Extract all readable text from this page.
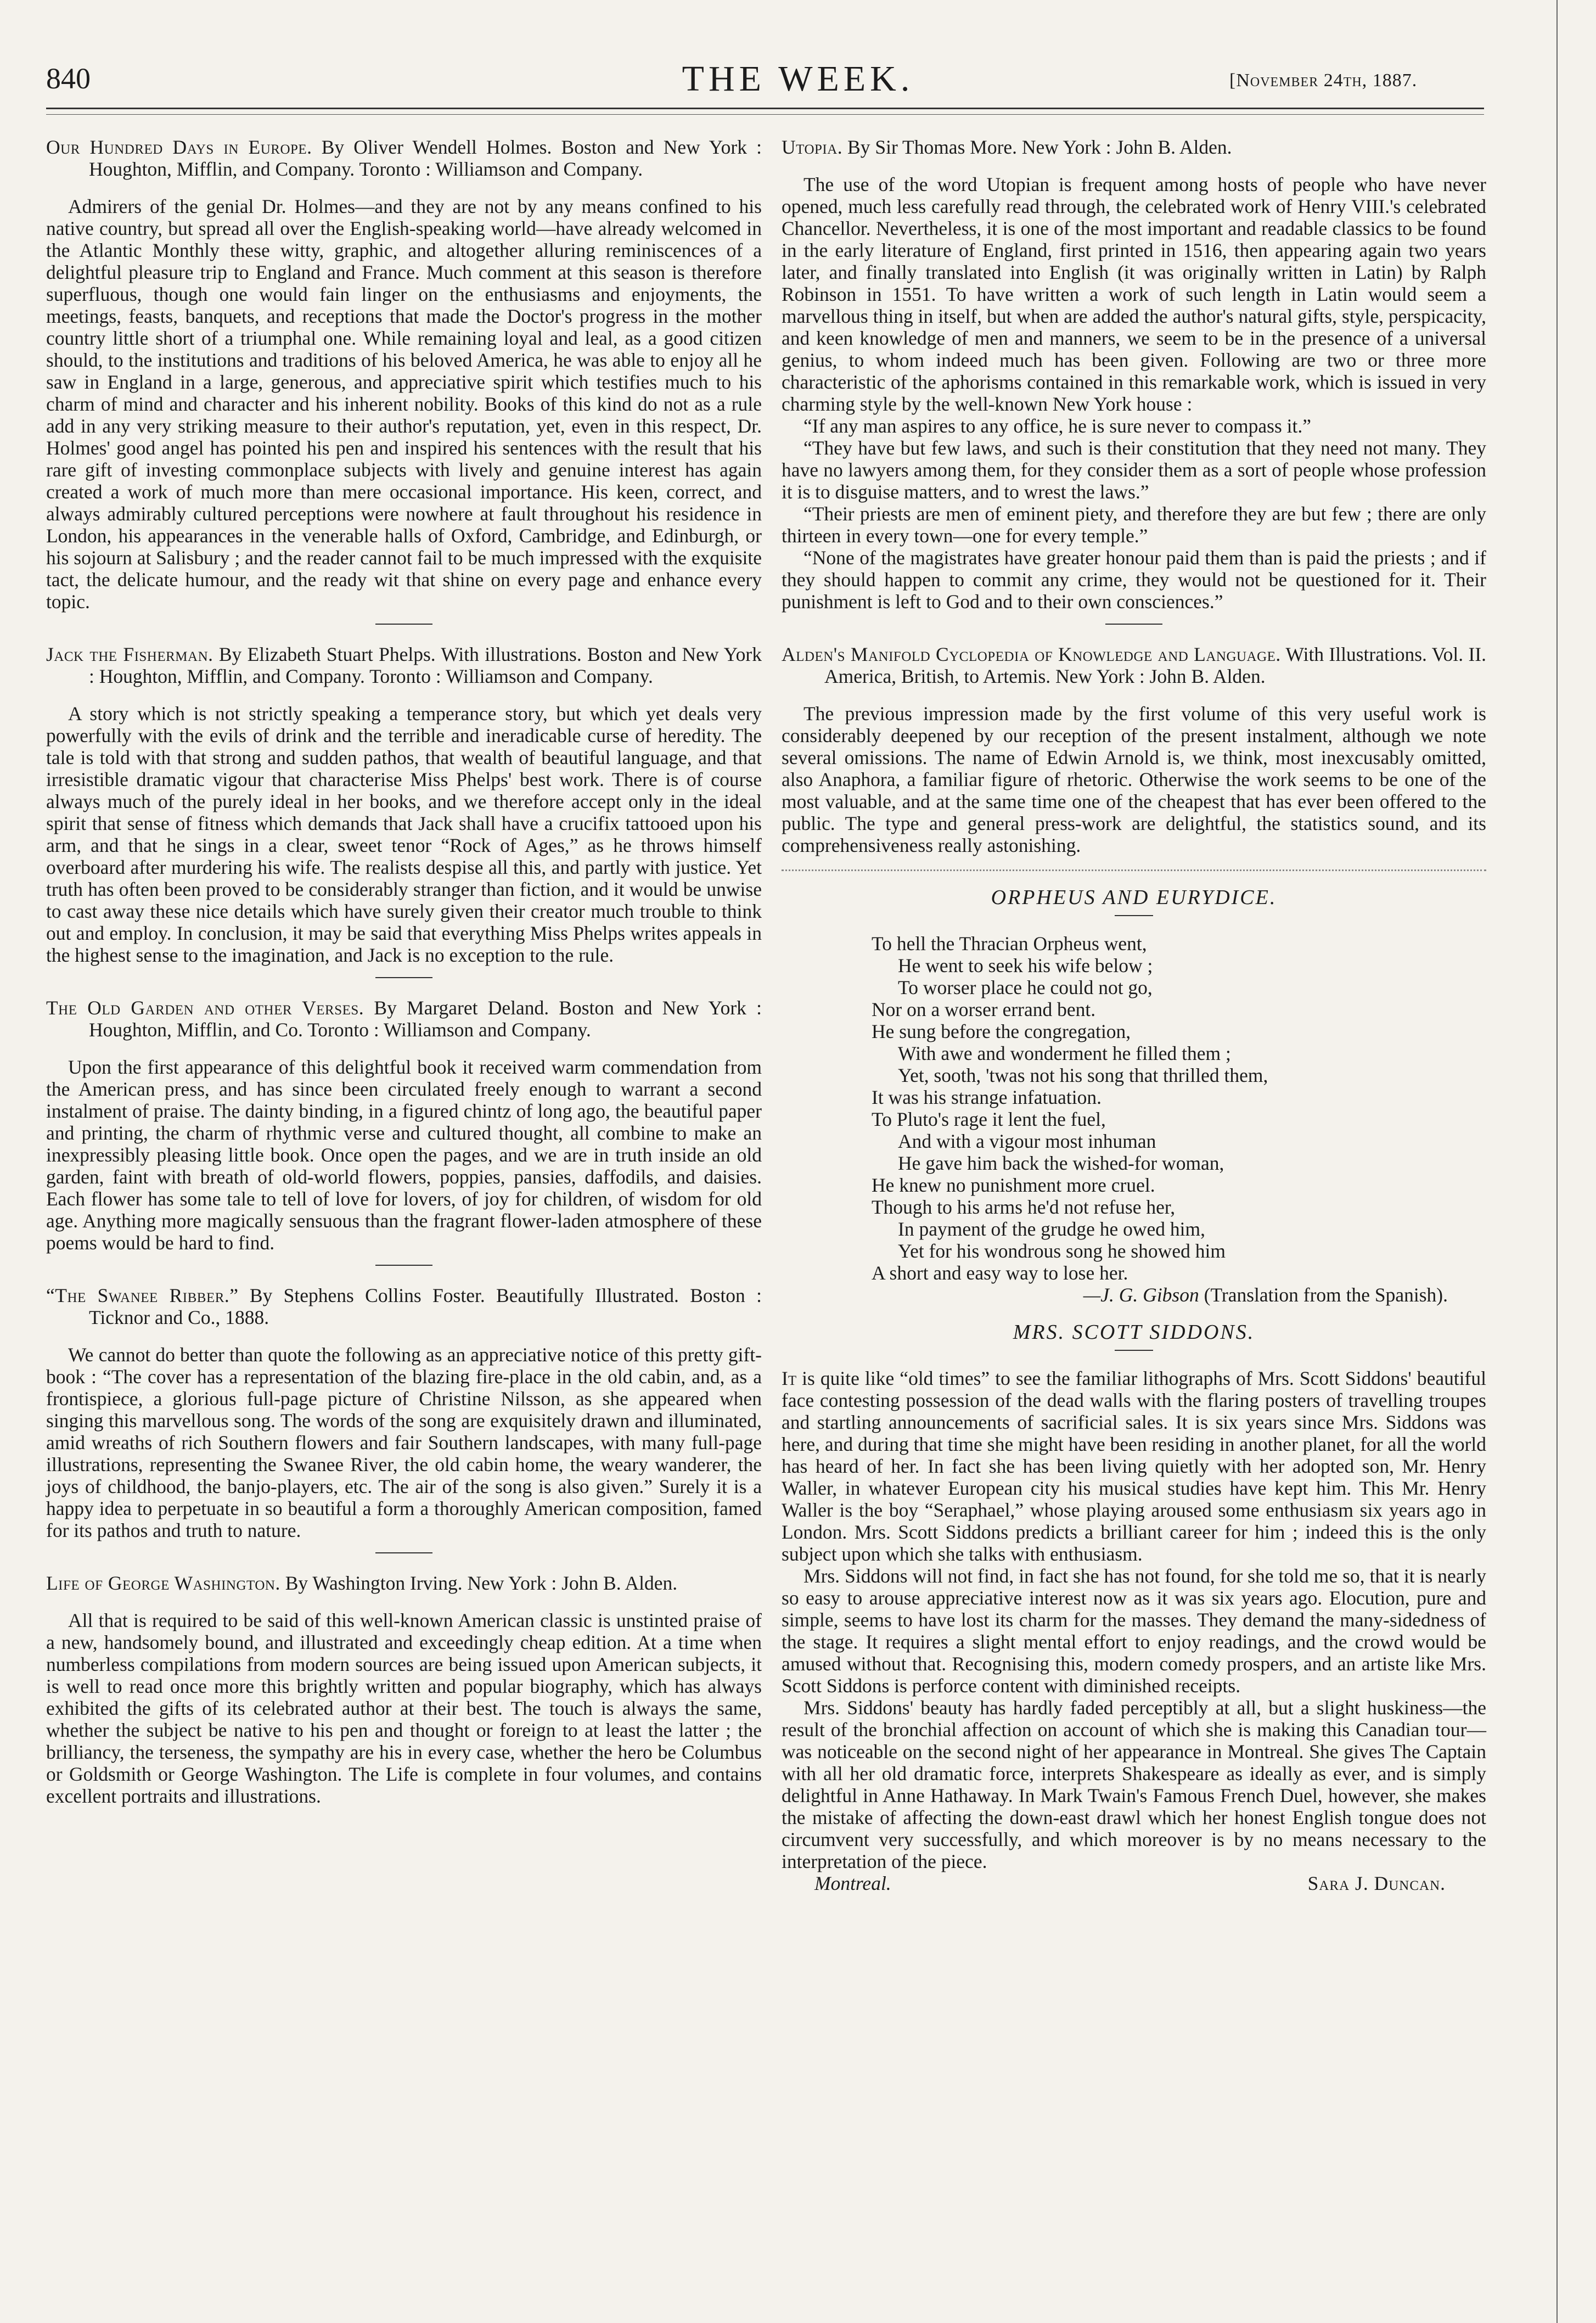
840	THE WEEK.	[November 24th, 1887.

Our Hundred Days in Europe. By Oliver Wendell Holmes. Boston and New York : Houghton, Mifflin, and Company. Toronto : Williamson and Company.

Admirers of the genial Dr. Holmes—and they are not by any means confined to his native country, but spread all over the English-speaking world—have already welcomed in the Atlantic Monthly these witty, graphic, and altogether alluring reminiscences of a delightful pleasure trip to England and France. Much comment at this season is therefore superfluous, though one would fain linger on the enthusiasms and enjoyments, the meetings, feasts, banquets, and receptions that made the Doctor's progress in the mother country little short of a triumphal one. While remaining loyal and leal, as a good citizen should, to the institutions and traditions of his beloved America, he was able to enjoy all he saw in England in a large, generous, and appreciative spirit which testifies much to his charm of mind and character and his inherent nobility. Books of this kind do not as a rule add in any very striking measure to their author's reputation, yet, even in this respect, Dr. Holmes' good angel has pointed his pen and inspired his sentences with the result that his rare gift of investing commonplace subjects with lively and genuine interest has again created a work of much more than mere occasional importance. His keen, correct, and always admirably cultured perceptions were nowhere at fault throughout his residence in London, his appearances in the venerable halls of Oxford, Cambridge, and Edinburgh, or his sojourn at Salisbury ; and the reader cannot fail to be much impressed with the exquisite tact, the delicate humour, and the ready wit that shine on every page and enhance every topic.

Jack the Fisherman. By Elizabeth Stuart Phelps. With illustrations. Boston and New York : Houghton, Mifflin, and Company. Toronto : Williamson and Company.

A story which is not strictly speaking a temperance story, but which yet deals very powerfully with the evils of drink and the terrible and ineradicable curse of heredity. The tale is told with that strong and sudden pathos, that wealth of beautiful language, and that irresistible dramatic vigour that characterise Miss Phelps' best work. There is of course always much of the purely ideal in her books, and we therefore accept only in the ideal spirit that sense of fitness which demands that Jack shall have a crucifix tattooed upon his arm, and that he sings in a clear, sweet tenor “Rock of Ages,” as he throws himself overboard after murdering his wife. The realists despise all this, and partly with justice. Yet truth has often been proved to be considerably stranger than fiction, and it would be unwise to cast away these nice details which have surely given their creator much trouble to think out and employ. In conclusion, it may be said that everything Miss Phelps writes appeals in the highest sense to the imagination, and Jack is no exception to the rule.

The Old Garden and other Verses. By Margaret Deland. Boston and New York : Houghton, Mifflin, and Co. Toronto : Williamson and Company.

Upon the first appearance of this delightful book it received warm commendation from the American press, and has since been circulated freely enough to warrant a second instalment of praise. The dainty binding, in a figured chintz of long ago, the beautiful paper and printing, the charm of rhythmic verse and cultured thought, all combine to make an inexpressibly pleasing little book. Once open the pages, and we are in truth inside an old garden, faint with breath of old-world flowers, poppies, pansies, daffodils, and daisies. Each flower has some tale to tell of love for lovers, of joy for children, of wisdom for old age. Anything more magically sensuous than the fragrant flower-laden atmosphere of these poems would be hard to find.

“The Swanee Ribber.” By Stephens Collins Foster. Beautifully Illustrated. Boston : Ticknor and Co., 1888.

We cannot do better than quote the following as an appreciative notice of this pretty gift-book : “The cover has a representation of the blazing fire-place in the old cabin, and, as a frontispiece, a glorious full-page picture of Christine Nilsson, as she appeared when singing this marvellous song. The words of the song are exquisitely drawn and illuminated, amid wreaths of rich Southern flowers and fair Southern landscapes, with many full-page illustrations, representing the Swanee River, the old cabin home, the weary wanderer, the joys of childhood, the banjo-players, etc. The air of the song is also given.” Surely it is a happy idea to perpetuate in so beautiful a form a thoroughly American composition, famed for its pathos and truth to nature.

Life of George Washington. By Washington Irving. New York : John B. Alden.

All that is required to be said of this well-known American classic is unstinted praise of a new, handsomely bound, and illustrated and exceedingly cheap edition. At a time when numberless compilations from modern sources are being issued upon American subjects, it is well to read once more this brightly written and popular biography, which has always exhibited the gifts of its celebrated author at their best. The touch is always the same, whether the subject be native to his pen and thought or foreign to at least the latter ; the brilliancy, the terseness, the sympathy are his in every case, whether the hero be Columbus or Goldsmith or George Washington. The Life is complete in four volumes, and contains excellent portraits and illustrations.

Utopia. By Sir Thomas More. New York : John B. Alden.

The use of the word Utopian is frequent among hosts of people who have never opened, much less carefully read through, the celebrated work of Henry VIII.'s celebrated Chancellor. Nevertheless, it is one of the most important and readable classics to be found in the early literature of England, first printed in 1516, then appearing again two years later, and finally translated into English (it was originally written in Latin) by Ralph Robinson in 1551. To have written a work of such length in Latin would seem a marvellous thing in itself, but when are added the author's natural gifts, style, perspicacity, and keen knowledge of men and manners, we seem to be in the presence of a universal genius, to whom indeed much has been given. Following are two or three more characteristic of the aphorisms contained in this remarkable work, which is issued in very charming style by the well-known New York house :

“If any man aspires to any office, he is sure never to compass it.”

“They have but few laws, and such is their constitution that they need not many. They have no lawyers among them, for they consider them as a sort of people whose profession it is to disguise matters, and to wrest the laws.”

“Their priests are men of eminent piety, and therefore they are but few ; there are only thirteen in every town—one for every temple.”

“None of the magistrates have greater honour paid them than is paid the priests ; and if they should happen to commit any crime, they would not be questioned for it. Their punishment is left to God and to their own consciences.”

Alden's Manifold Cyclopedia of Knowledge and Language. With Illustrations. Vol. II. America, British, to Artemis. New York : John B. Alden.

The previous impression made by the first volume of this very useful work is considerably deepened by our reception of the present instalment, although we note several omissions. The name of Edwin Arnold is, we think, most inexcusably omitted, also Anaphora, a familiar figure of rhetoric. Otherwise the work seems to be one of the most valuable, and at the same time one of the cheapest that has ever been offered to the public. The type and general press-work are delightful, the statistics sound, and its comprehensiveness really astonishing.

ORPHEUS AND EURYDICE.
To hell the Thracian Orpheus went,
He went to seek his wife below ;
To worser place he could not go,
Nor on a worser errand bent.
He sung before the congregation,
With awe and wonderment he filled them ;
Yet, sooth, 'twas not his song that thrilled them,
It was his strange infatuation.
To Pluto's rage it lent the fuel,
And with a vigour most inhuman
He gave him back the wished-for woman,
He knew no punishment more cruel.
Though to his arms he'd not refuse her,
In payment of the grudge he owed him,
Yet for his wondrous song he showed him
A short and easy way to lose her.
—J. G. Gibson (Translation from the Spanish).
MRS. SCOTT SIDDONS.

It is quite like “old times” to see the familiar lithographs of Mrs. Scott Siddons' beautiful face contesting possession of the dead walls with the flaring posters of travelling troupes and startling announcements of sacrificial sales. It is six years since Mrs. Siddons was here, and during that time she might have been residing in another planet, for all the world has heard of her. In fact she has been living quietly with her adopted son, Mr. Henry Waller, in whatever European city his musical studies have kept him. This Mr. Henry Waller is the boy “Seraphael,” whose playing aroused some enthusiasm six years ago in London. Mrs. Scott Siddons predicts a brilliant career for him ; indeed this is the only subject upon which she talks with enthusiasm.

Mrs. Siddons will not find, in fact she has not found, for she told me so, that it is nearly so easy to arouse appreciative interest now as it was six years ago. Elocution, pure and simple, seems to have lost its charm for the masses. They demand the many-sidedness of the stage. It requires a slight mental effort to enjoy readings, and the crowd would be amused without that. Recognising this, modern comedy prospers, and an artiste like Mrs. Scott Siddons is perforce content with diminished receipts.

Mrs. Siddons' beauty has hardly faded perceptibly at all, but a slight huskiness—the result of the bronchial affection on account of which she is making this Canadian tour—was noticeable on the second night of her appearance in Montreal. She gives The Captain with all her old dramatic force, interprets Shakespeare as ideally as ever, and is simply delightful in Anne Hathaway. In Mark Twain's Famous French Duel, however, she makes the mistake of affecting the down-east drawl which her honest English tongue does not circumvent very successfully, and which moreover is by no means necessary to the interpretation of the piece.

Montreal.	Sara J. Duncan.
